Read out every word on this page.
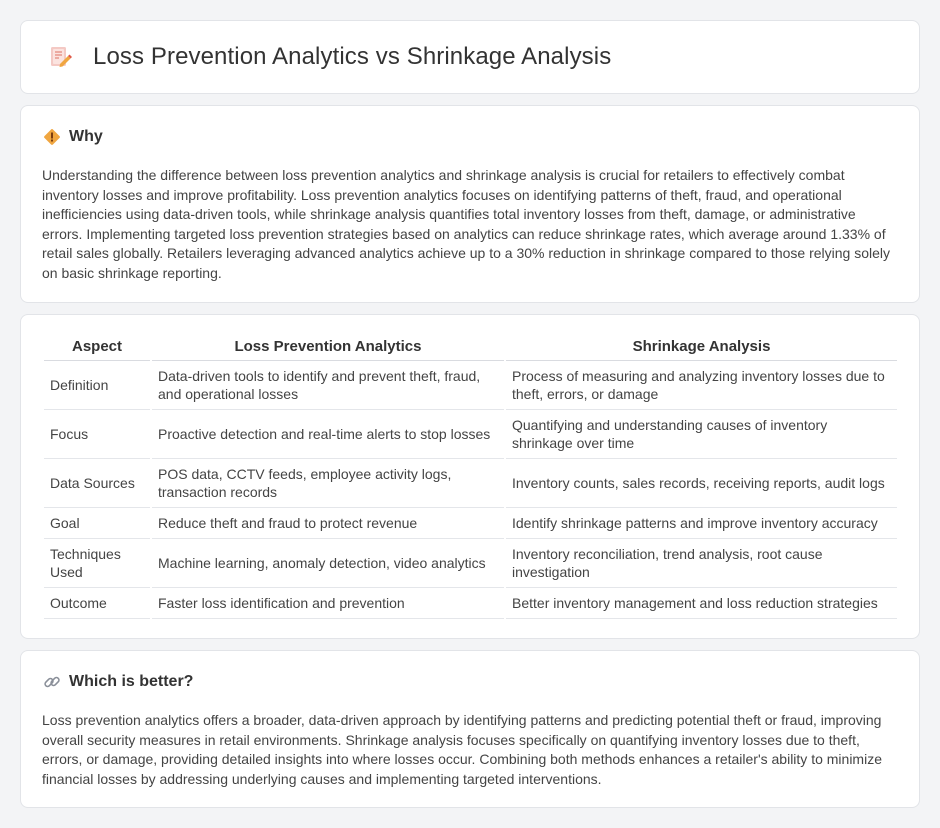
Loss Prevention Analytics vs Shrinkage Analysis
Why

Understanding the difference between loss prevention analytics and shrinkage analysis is crucial for retailers to effectively combat inventory losses and improve profitability. Loss prevention analytics focuses on identifying patterns of theft, fraud, and operational inefficiencies using data-driven tools, while shrinkage analysis quantifies total inventory losses from theft, damage, or administrative errors. Implementing targeted loss prevention strategies based on analytics can reduce shrinkage rates, which average around 1.33% of retail sales globally. Retailers leveraging advanced analytics achieve up to a 30% reduction in shrinkage compared to those relying solely on basic shrinkage reporting.

Aspect	Loss Prevention Analytics	Shrinkage Analysis
Definition	Data-driven tools to identify and prevent theft, fraud, and operational losses	Process of measuring and analyzing inventory losses due to theft, errors, or damage
Focus	Proactive detection and real-time alerts to stop losses	Quantifying and understanding causes of inventory shrinkage over time
Data Sources	POS data, CCTV feeds, employee activity logs, transaction records	Inventory counts, sales records, receiving reports, audit logs
Goal	Reduce theft and fraud to protect revenue	Identify shrinkage patterns and improve inventory accuracy
Techniques Used	Machine learning, anomaly detection, video analytics	Inventory reconciliation, trend analysis, root cause investigation
Outcome	Faster loss identification and prevention	Better inventory management and loss reduction strategies
Which is better?

Loss prevention analytics offers a broader, data-driven approach by identifying patterns and predicting potential theft or fraud, improving overall security measures in retail environments. Shrinkage analysis focuses specifically on quantifying inventory losses due to theft, errors, or damage, providing detailed insights into where losses occur. Combining both methods enhances a retailer's ability to minimize financial losses by addressing underlying causes and implementing targeted interventions.
